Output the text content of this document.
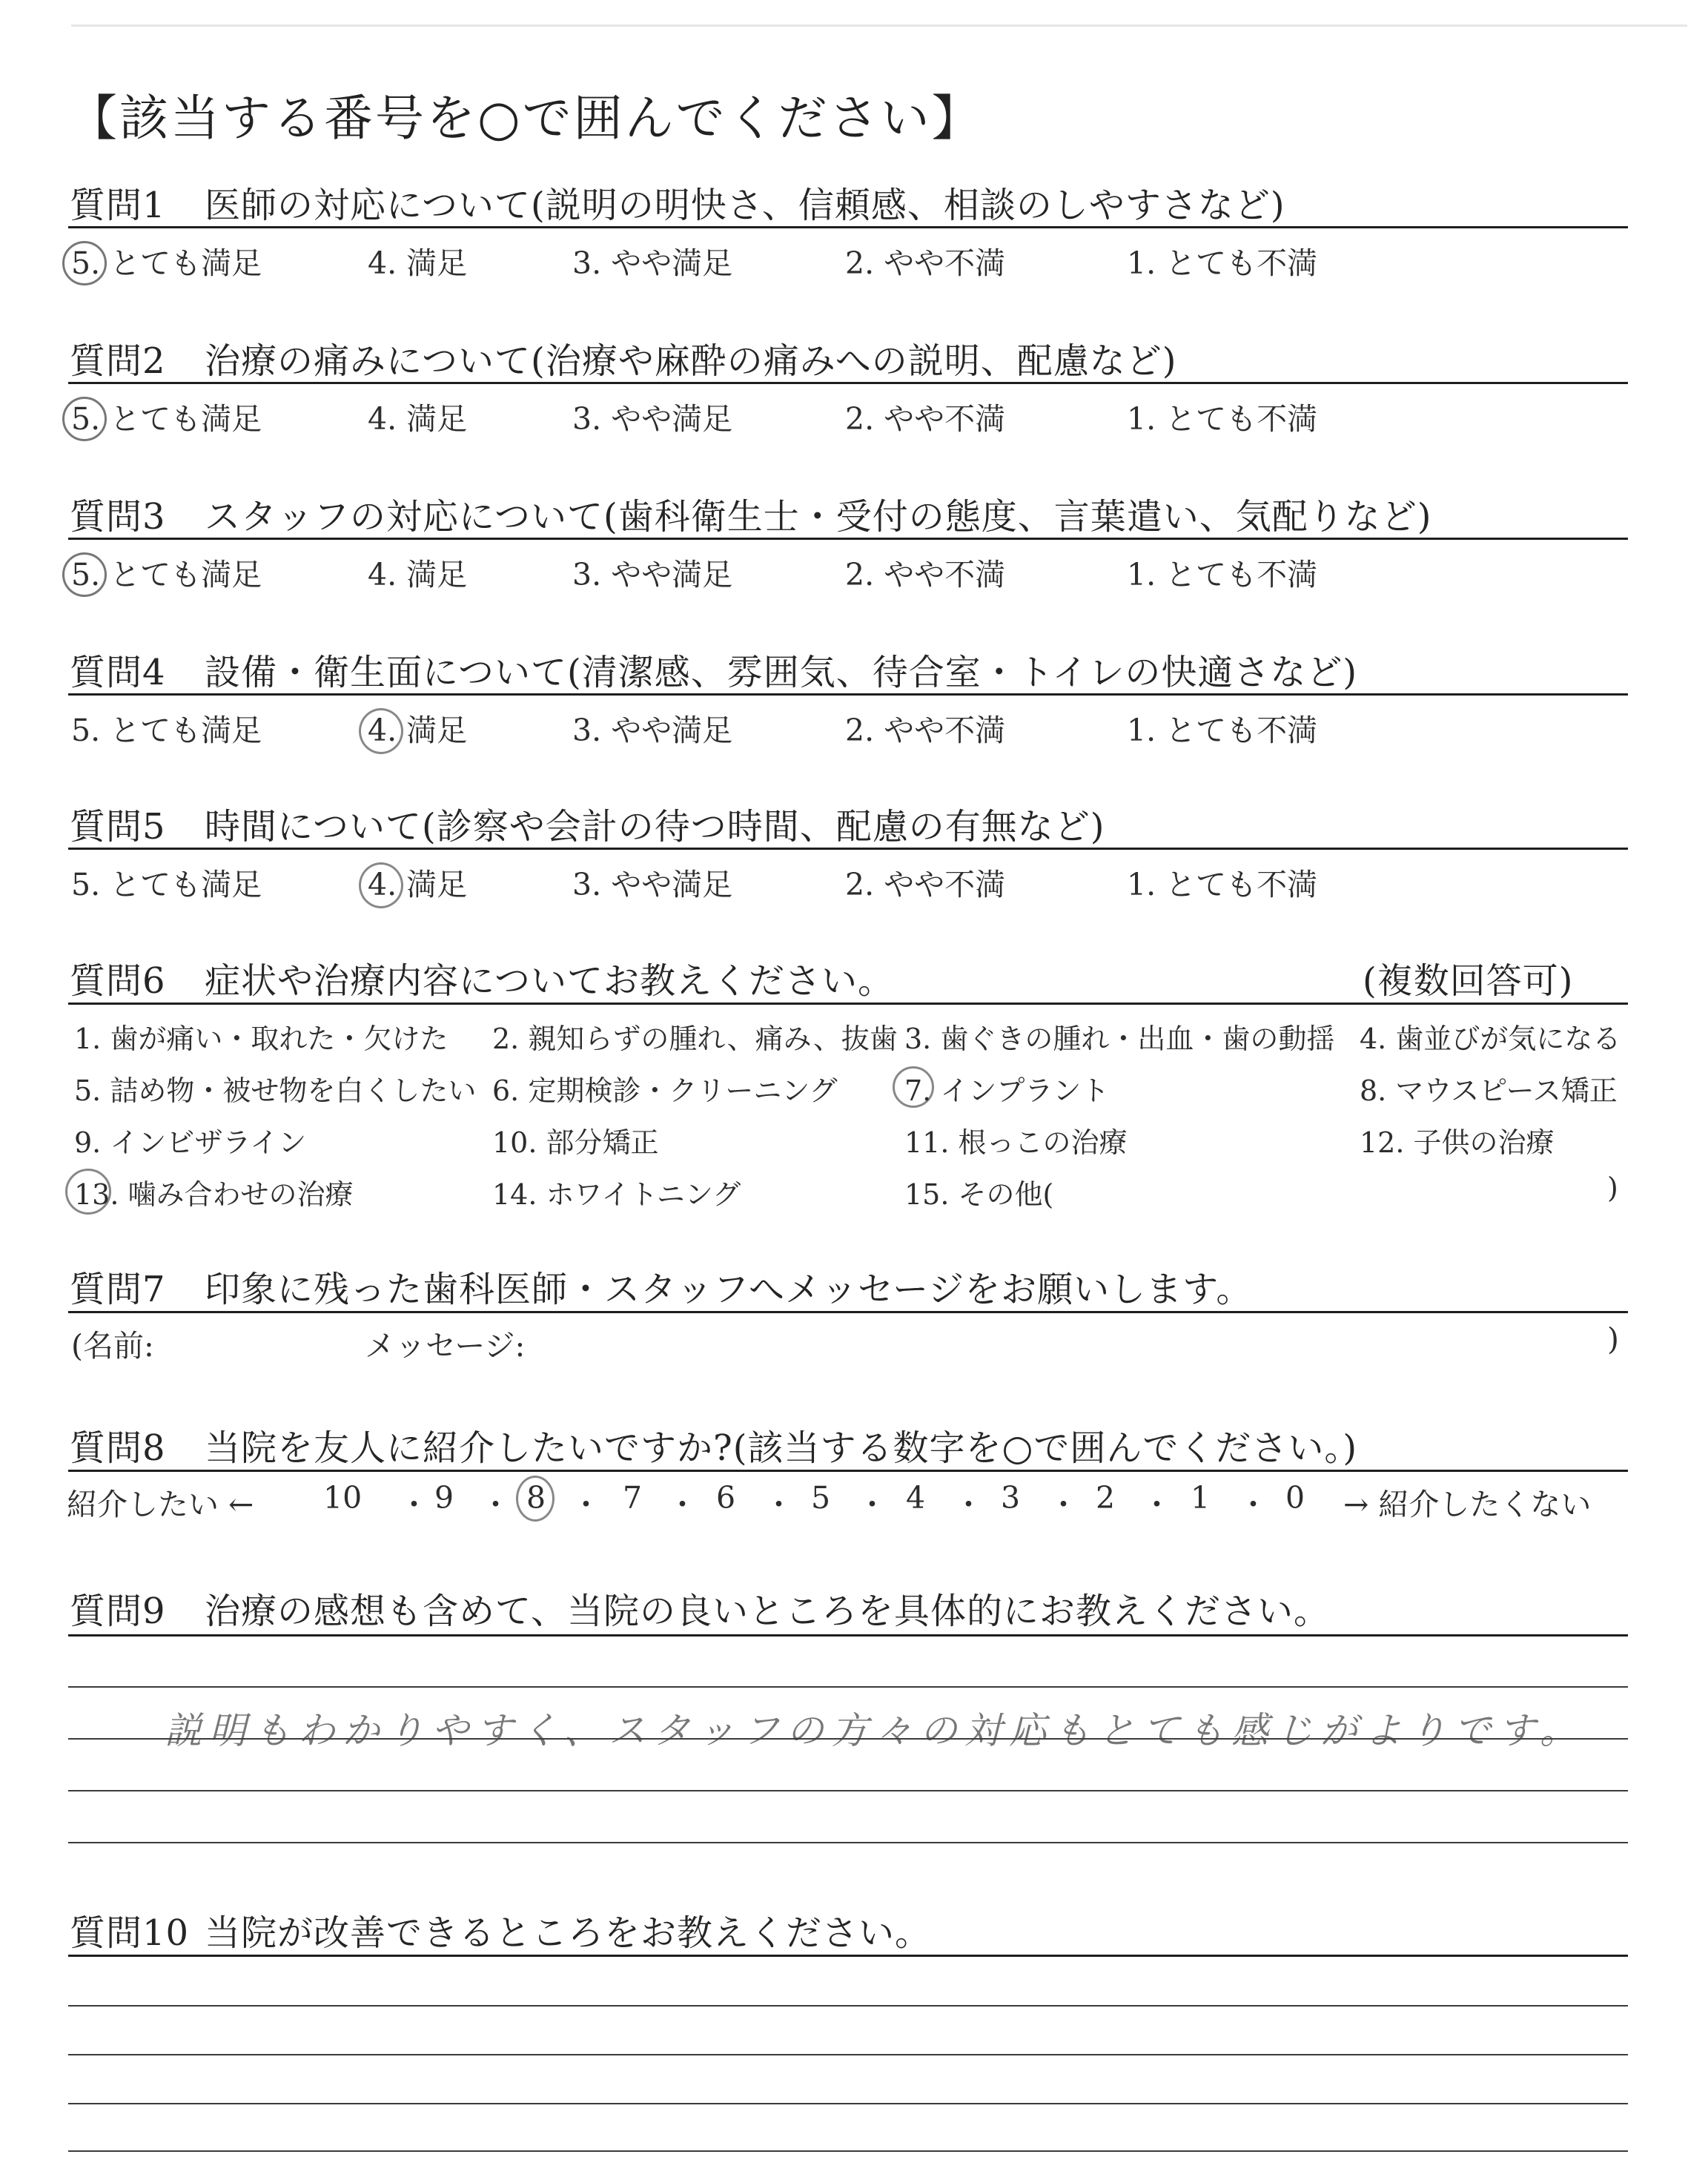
【該当する番号を○で囲んでください】
質問1 医師の対応について(説明の明快さ、信頼感、相談のしやすさなど)
5. とても満足	4. 満足	3. やや満足	2. やや不満	1. とても不満
質問2 治療の痛みについて(治療や麻酔の痛みへの説明、配慮など)
5. とても満足	4. 満足	3. やや満足	2. やや不満	1. とても不満
質問3 スタッフの対応について(歯科衛生士・受付の態度、言葉遣い、気配りなど)
5. とても満足	4. 満足	3. やや満足	2. やや不満	1. とても不満
質問4 設備・衛生面について(清潔感、雰囲気、待合室・トイレの快適さなど)
5. とても満足	4. 満足	3. やや満足	2. やや不満	1. とても不満
質問5 時間について(診察や会計の待つ時間、配慮の有無など)
5. とても満足	4. 満足	3. やや満足	2. やや不満	1. とても不満
質問6 症状や治療内容についてお教えください。	(複数回答可)
1. 歯が痛い・取れた・欠けた 2. 親知らずの腫れ、痛み、抜歯 3. 歯ぐきの腫れ・出血・歯の動揺 4. 歯並びが気になる
5. 詰め物・被せ物を白くしたい 6. 定期検診・クリーニング 7. インプラント	8. マウスピース矯正
9. インビザライン	10. 部分矯正	11. 根っこの治療	12. 子供の治療
13. 噛み合わせの治療	14. ホワイトニング	15. その他(	)
質問7 印象に残った歯科医師・スタッフへメッセージをお願いします。
(名前:	メッセージ:	)
質問8 当院を友人に紹介したいですか?(該当する数字を○で囲んでください。)
紹介したい ←	→ 紹介したくない
10 ・ 9 ・ 8 ・ 7 ・ 6 ・ 5 ・ 4 ・ 3 ・ 2 ・ 1 ・ 0
質問9 治療の感想も含めて、当院の良いところを具体的にお教えください。
説明もわかりやすく、スタッフの方々の対応もとても感じがよりです。
質問10 当院が改善できるところをお教えください。
